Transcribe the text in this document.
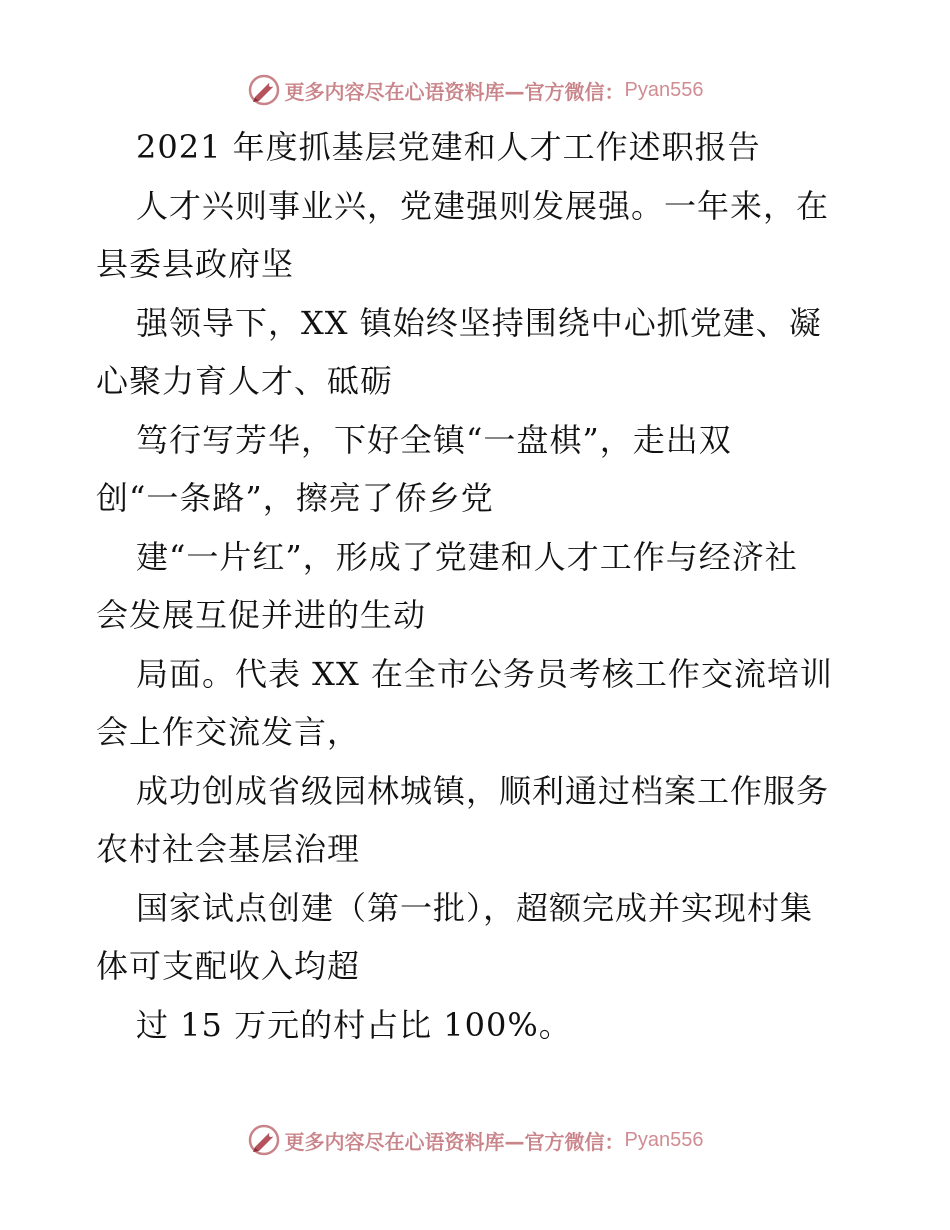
更多内容尽在心语资料库—官方微信： Pyan556
2021 年度抓基层党建和人才工作述职报告
人才兴则事业兴，党建强则发展强。一年来，在
县委县政府坚
强领导下，XX 镇始终坚持围绕中心抓党建、凝
心聚力育人才、砥砺
笃行写芳华，下好全镇“一盘棋”，走出双
创“一条路”，擦亮了侨乡党
建“一片红”，形成了党建和人才工作与经济社
会发展互促并进的生动
局面。代表 XX 在全市公务员考核工作交流培训
会上作交流发言，
成功创成省级园林城镇，顺利通过档案工作服务
农村社会基层治理
国家试点创建（第一批），超额完成并实现村集
体可支配收入均超
过 15 万元的村占比 100%。
更多内容尽在心语资料库—官方微信： Pyan556
